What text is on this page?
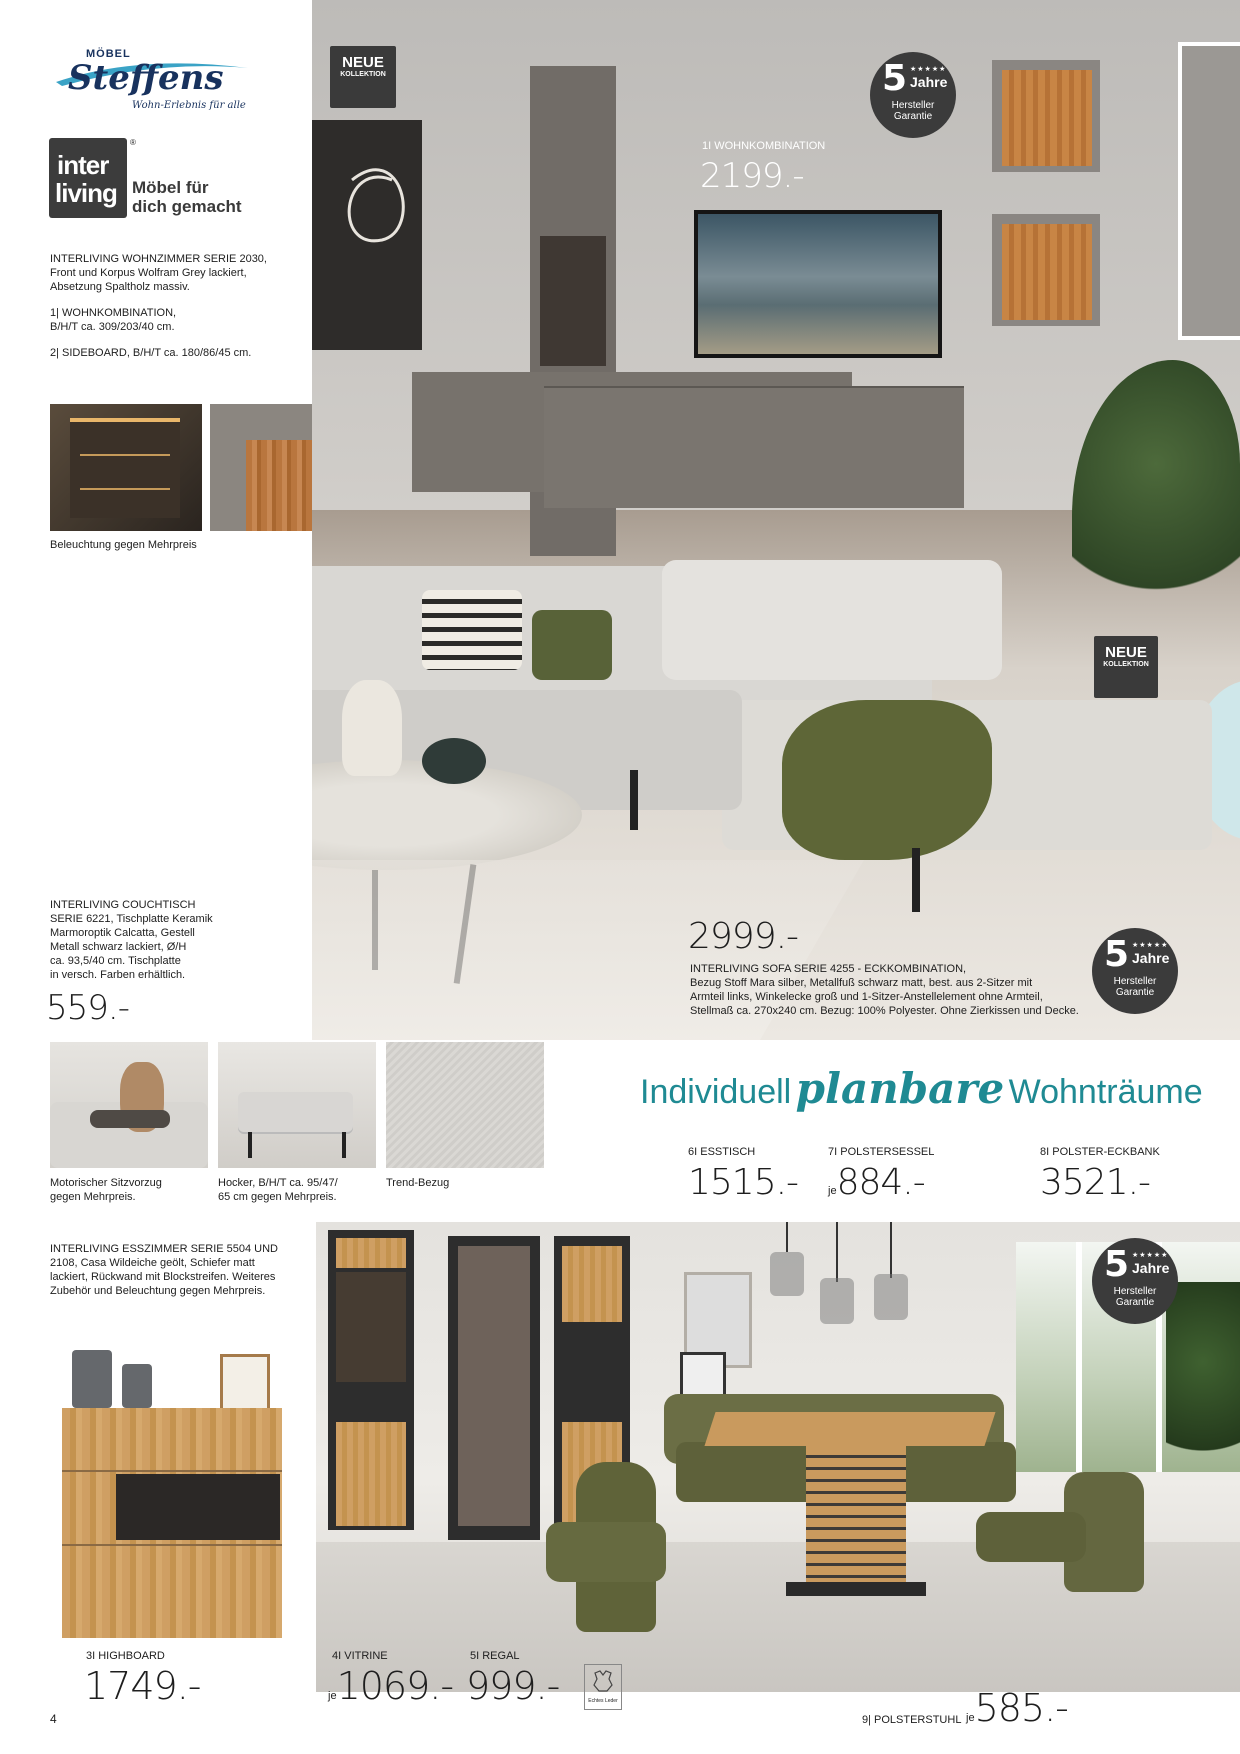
MÖBEL
Steffens
Wohn-Erlebnis für alle
inter
living
®
Möbel für
dich gemacht
INTERLIVING WOHNZIMMER SERIE 2030,
Front und Korpus Wolfram Grey lackiert,
Absetzung Spaltholz massiv.
1| WOHNKOMBINATION,
B/H/T ca. 309/203/40 cm.
2| SIDEBOARD, B/H/T ca. 180/86/45 cm.
Beleuchtung gegen Mehrpreis
NEUE
KOLLEKTION
NEUE
KOLLEKTION
5 ★★★★★
Jahre
Hersteller
Garantie
5 ★★★★★
Jahre
Hersteller
Garantie
1I WOHNKOMBINATION
2199.-
INTERLIVING COUCHTISCH
SERIE 6221, Tischplatte Keramik
Marmoroptik Calcatta, Gestell
Metall schwarz lackiert, Ø/H
ca. 93,5/40 cm. Tischplatte
in versch. Farben erhältlich.
559.-
2999.-
INTERLIVING SOFA SERIE 4255 - ECKKOMBINATION,
Bezug Stoff Mara silber, Metallfuß schwarz matt, best. aus 2-Sitzer mit
Armteil links, Winkelecke groß und 1-Sitzer-Anstellelement ohne Armteil,
Stellmaß ca. 270x240 cm. Bezug: 100% Polyester. Ohne Zierkissen und Decke.
Motorischer Sitzvorzug
gegen Mehrpreis.
Hocker, B/H/T ca. 95/47/
65 cm gegen Mehrpreis.
Trend-Bezug
Individuell planbare Wohnträume
6I ESSTISCH
1515.-
7I POLSTERSESSEL
je884.-
8I POLSTER-ECKBANK
3521.-
INTERLIVING ESSZIMMER SERIE 5504 UND
2108, Casa Wildeiche geölt, Schiefer matt
lackiert, Rückwand mit Blockstreifen. Weiteres
Zubehör und Beleuchtung gegen Mehrpreis.
5 ★★★★★
Jahre
Hersteller
Garantie
3I HIGHBOARD
4
1749.-
4I VITRINE
je1069.-
5I REGAL
999.-	Echtes Leder
9| POLSTERSTUHL je585.-
